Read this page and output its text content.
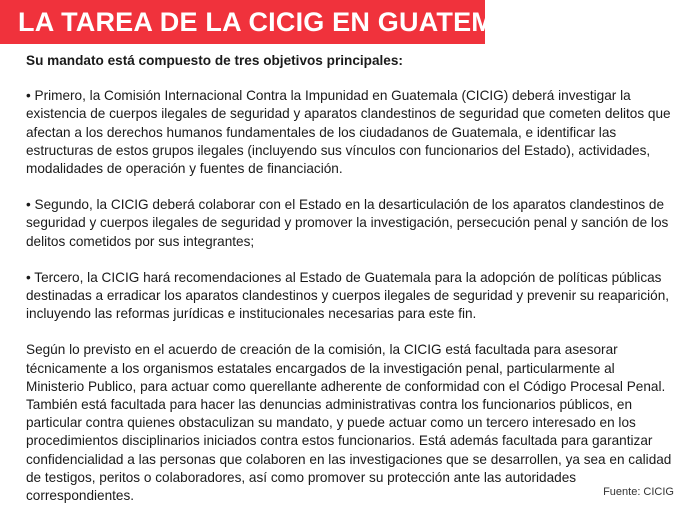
LA TAREA DE LA CICIG EN GUATEMALA

Su mandato está compuesto de tres objetivos principales:

• Primero, la Comisión Internacional Contra la Impunidad en Guatemala (CICIG) deberá investigar la existencia de cuerpos ilegales de seguridad y aparatos clandestinos de seguridad que cometen delitos que afectan a los derechos humanos fundamentales de los ciudadanos de Guatemala, e identificar las estructuras de estos grupos ilegales (incluyendo sus vínculos con funcionarios del Estado), actividades, modalidades de operación y fuentes de financiación.

• Segundo, la CICIG deberá colaborar con el Estado en la desarticulación de los aparatos clandestinos de seguridad y cuerpos ilegales de seguridad y promover la investigación, persecución penal y sanción de los delitos cometidos por sus integrantes;

• Tercero, la CICIG hará recomendaciones al Estado de Guatemala para la adopción de políticas públicas destinadas a erradicar los aparatos clandestinos y cuerpos ilegales de seguridad y prevenir su reaparición, incluyendo las reformas jurídicas e institucionales necesarias para este fin.

Según lo previsto en el acuerdo de creación de la comisión, la CICIG está facultada para asesorar técnicamente a los organismos estatales encargados de la investigación penal, particularmente al Ministerio Publico, para actuar como querellante adherente de conformidad con el Código Procesal Penal. También está facultada para hacer las denuncias administrativas contra los funcionarios públicos, en particular contra quienes obstaculizan su mandato, y puede actuar como un tercero interesado en los procedimientos disciplinarios iniciados contra estos funcionarios. Está además facultada para garantizar confidencialidad a las personas que colaboren en las investigaciones que se desarrollen, ya sea en calidad de testigos, peritos o colaboradores, así como promover su protección ante las autoridades correspondientes.	Fuente: CICIG
